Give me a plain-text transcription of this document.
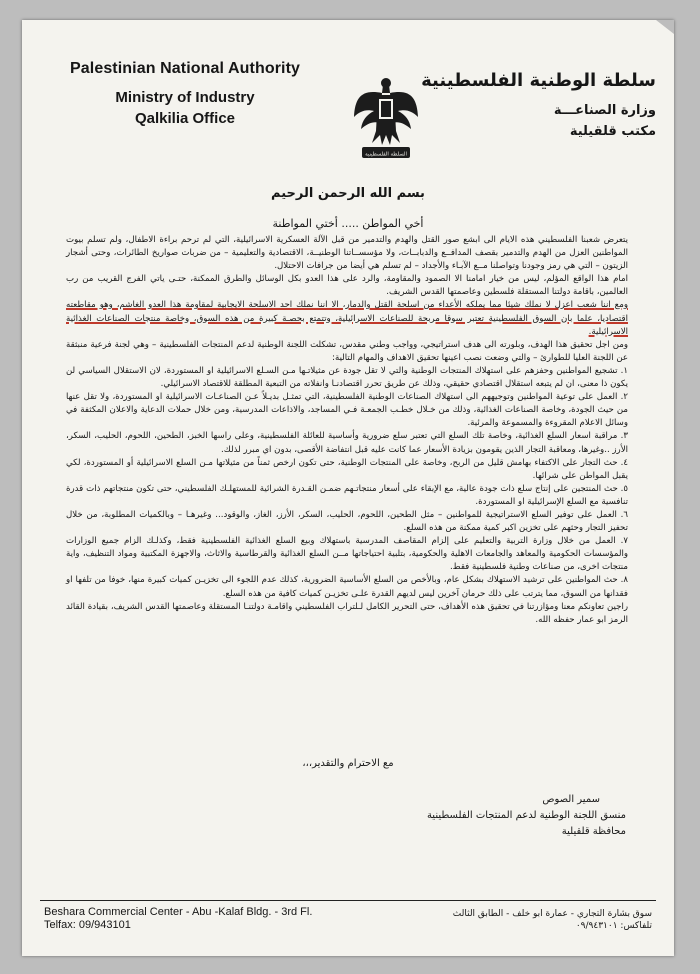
Palestinian National Authority
Ministry of Industry
Qalkilia Office
السلطة الفلسطينية
سلطة الوطنية الفلسطينية
وزارة الصناعـــة
مكتب قلقيلية
بسم الله الرحمن الرحيم
أخي المواطن ..... أختي المواطنة

يتعرض شعبنا الفلسطيني هذه الايام الى ابشع صور القتل والهدم والتدمير من قبل الآلة العسكرية الاسرائيلية، التي لم ترحم براءة الاطفال، ولم تسلم بيوت المواطنين العزل من الهدم والتدمير بقصف المدافــع والدبابــات، ولا مؤسســاتنا الوطنيــة، الاقتصادية والتعليمية – من ضربات صواريخ الطائرات، وحتى أشجار الزيتون – التي هي رمز وجودنا وتواصلنا مــع الآبـاء والأجداد – لم تسلم هي أيضا من جرافات الاحتلال.

امام هذا الواقع المؤلم، ليس من خيار امامنا الا الصمود والمقاومة، والرد على هذا العدو بكل الوسائل والطرق الممكنة، حتـى ياتي الفرج القريب من رب العالمين، باقامة دولتنا المستقلة فلسطين وعاصمتها القدس الشريف.

ومع اننا شعب اعزل لا نملك شيئا مما يملكه الأعداء من اسلحة القتل والدمار، الا اننا نملك احد الاسلحة الايجابية لمقاومة هذا العدو الغاشم، وهو مقاطعته اقتصاديا، علما بان السوق الفلسطينية تعتبر سوقا مربحة للصناعات الاسرائيلية، وتتمتع بحصـة كبيرة من هذه السوق، وخاصة منتجات الصناعات الغذائية الاسرائيلية.

ومن اجل تحقيق هذا الهدف، وبلورته الى هدف استراتيجي، وواجب وطني مقدس، تشكلت اللجنة الوطنية لدعم المنتجات الفلسطينية – وهي لجنة فرعية منبثقة عن اللجنة العليا للطوارئ – والتي وضعت نصب اعينها تحقيق الاهداف والمهام التالية:

١. تشجيع المواطنين وحفزهم على استهلاك المنتجات الوطنية والتي لا تقل جودة عن مثيلاتـها مـن السـلع الاسرائيلية او المستوردة، لان الاستقلال السياسي لن يكون ذا معنى، ان لم يتبعه استقلال اقتصادي حقيقي، وذلك عن طريق تحرر اقتصادنـا وانفلاته من التبعية المطلقة للاقتصاد الاسرائيلي.

٢. العمل على توعية المواطنين وتوجيههم الى استهلاك الصناعات الوطنية الفلسطينية، التي تمثـل بديـلاً عـن الصناعـات الاسرائيلية او المستوردة، ولا تقل عنها من حيث الجودة، وخاصة الصناعات الغذائية، وذلك من خـلال خطـب الجمعـة فـي المساجد، والاذاعات المدرسية، ومن خلال حملات الدعاية والاعلان المكثفة في وسائل الاعلام المقروءة والمسموعة والمرئية.

٣. مراقبة اسعار السلع الغذائية، وخاصة تلك السلع التي تعتبر سلع ضرورية وأساسية للعائلة الفلسطينية، وعلى راسها الخبز، الطحين، اللحوم، الحليب، السكر، الأرز ..وغيرها، ومعاقبة التجار الذين يقومون بزيادة الأسعار عما كانت عليه قبل انتفاضة الأقصى، بدون اي مبرر لذلك.

٤. حث التجار على الاكتفاء بهامش قليل من الربح، وخاصة على المنتجات الوطنية، حتى تكون ارخص ثمناً من مثيلاتها مـن السلع الاسرائيلية أو المستوردة، لكي يقبل المواطن على شرائها.

٥. حث المنتجين على إنتاج سلع ذات جودة عالية، مع الإبقاء على أسعار منتجاتـهم ضمـن القـدرة الشرائية للمستهلـك الفلسطيني، حتى تكون منتجاتهم ذات قدرة تنافسية مع السلع الإسرائيلية او المستوردة.

٦. العمل على توفير السلع الاستراتيجية للمواطنين – مثل الطحين، اللحوم، الحليب، السكر، الأرز، الغاز، والوقود... وغيرهـا – وبالكميات المطلوبة، من خلال تحفيز التجار وحثهم على تخزين اكبر كمية ممكنة من هذه السلع.

٧. العمل من خلال وزارة التربية والتعليم على إلزام المقاصف المدرسية باستهلاك وبيع السلع الغذائية الفلسطينية فقط، وكذلـك الزام جميع الوزارات والمؤسسات الحكومية والمعاهد والجامعات الاهلية والحكومية، بتلبية احتياجاتها مــن السلع الغذائية والقرطاسية والاثاث، والاجهزة المكتبية ومواد التنظيف، واية منتجات اخرى، من صناعات وطنية فلسطينية فقط.

٨. حث المواطنين على ترشيد الاستهلاك بشكل عام، وبالأخص من السلع الأساسية الضرورية، كذلك عدم اللجوء الى تخزيـن كميات كبيرة منها، خوفا من تلفها او فقدانها من السوق، مما يترتب على ذلك حرمان آخرين ليس لديهم القدرة علـى تخزيـن كميات كافية من هذه السلع.

راجين تعاونكم معنا ومؤازرتنا في تحقيق هذه الأهداف، حتى التحرير الكامل لـلتراب الفلسطيني واقامـة دولتنـا المستقلة وعاصمتها القدس الشريف، بقيادة القائد الرمز ابو عمار حفظه الله.

مع الاحترام والتقدير،،،
سمير الصوص
منسق اللجنة الوطنية لدعم المنتجات الفلسطينية
محافظة قلقيلية
Beshara Commercial Center - Abu -Kalaf Bldg. - 3rd Fl.
Telfax: 09/943101
سوق بشارة التجاري - عمارة ابو خلف - الطابق الثالث
تلفاكس: ٠٩/٩٤٣١٠١
